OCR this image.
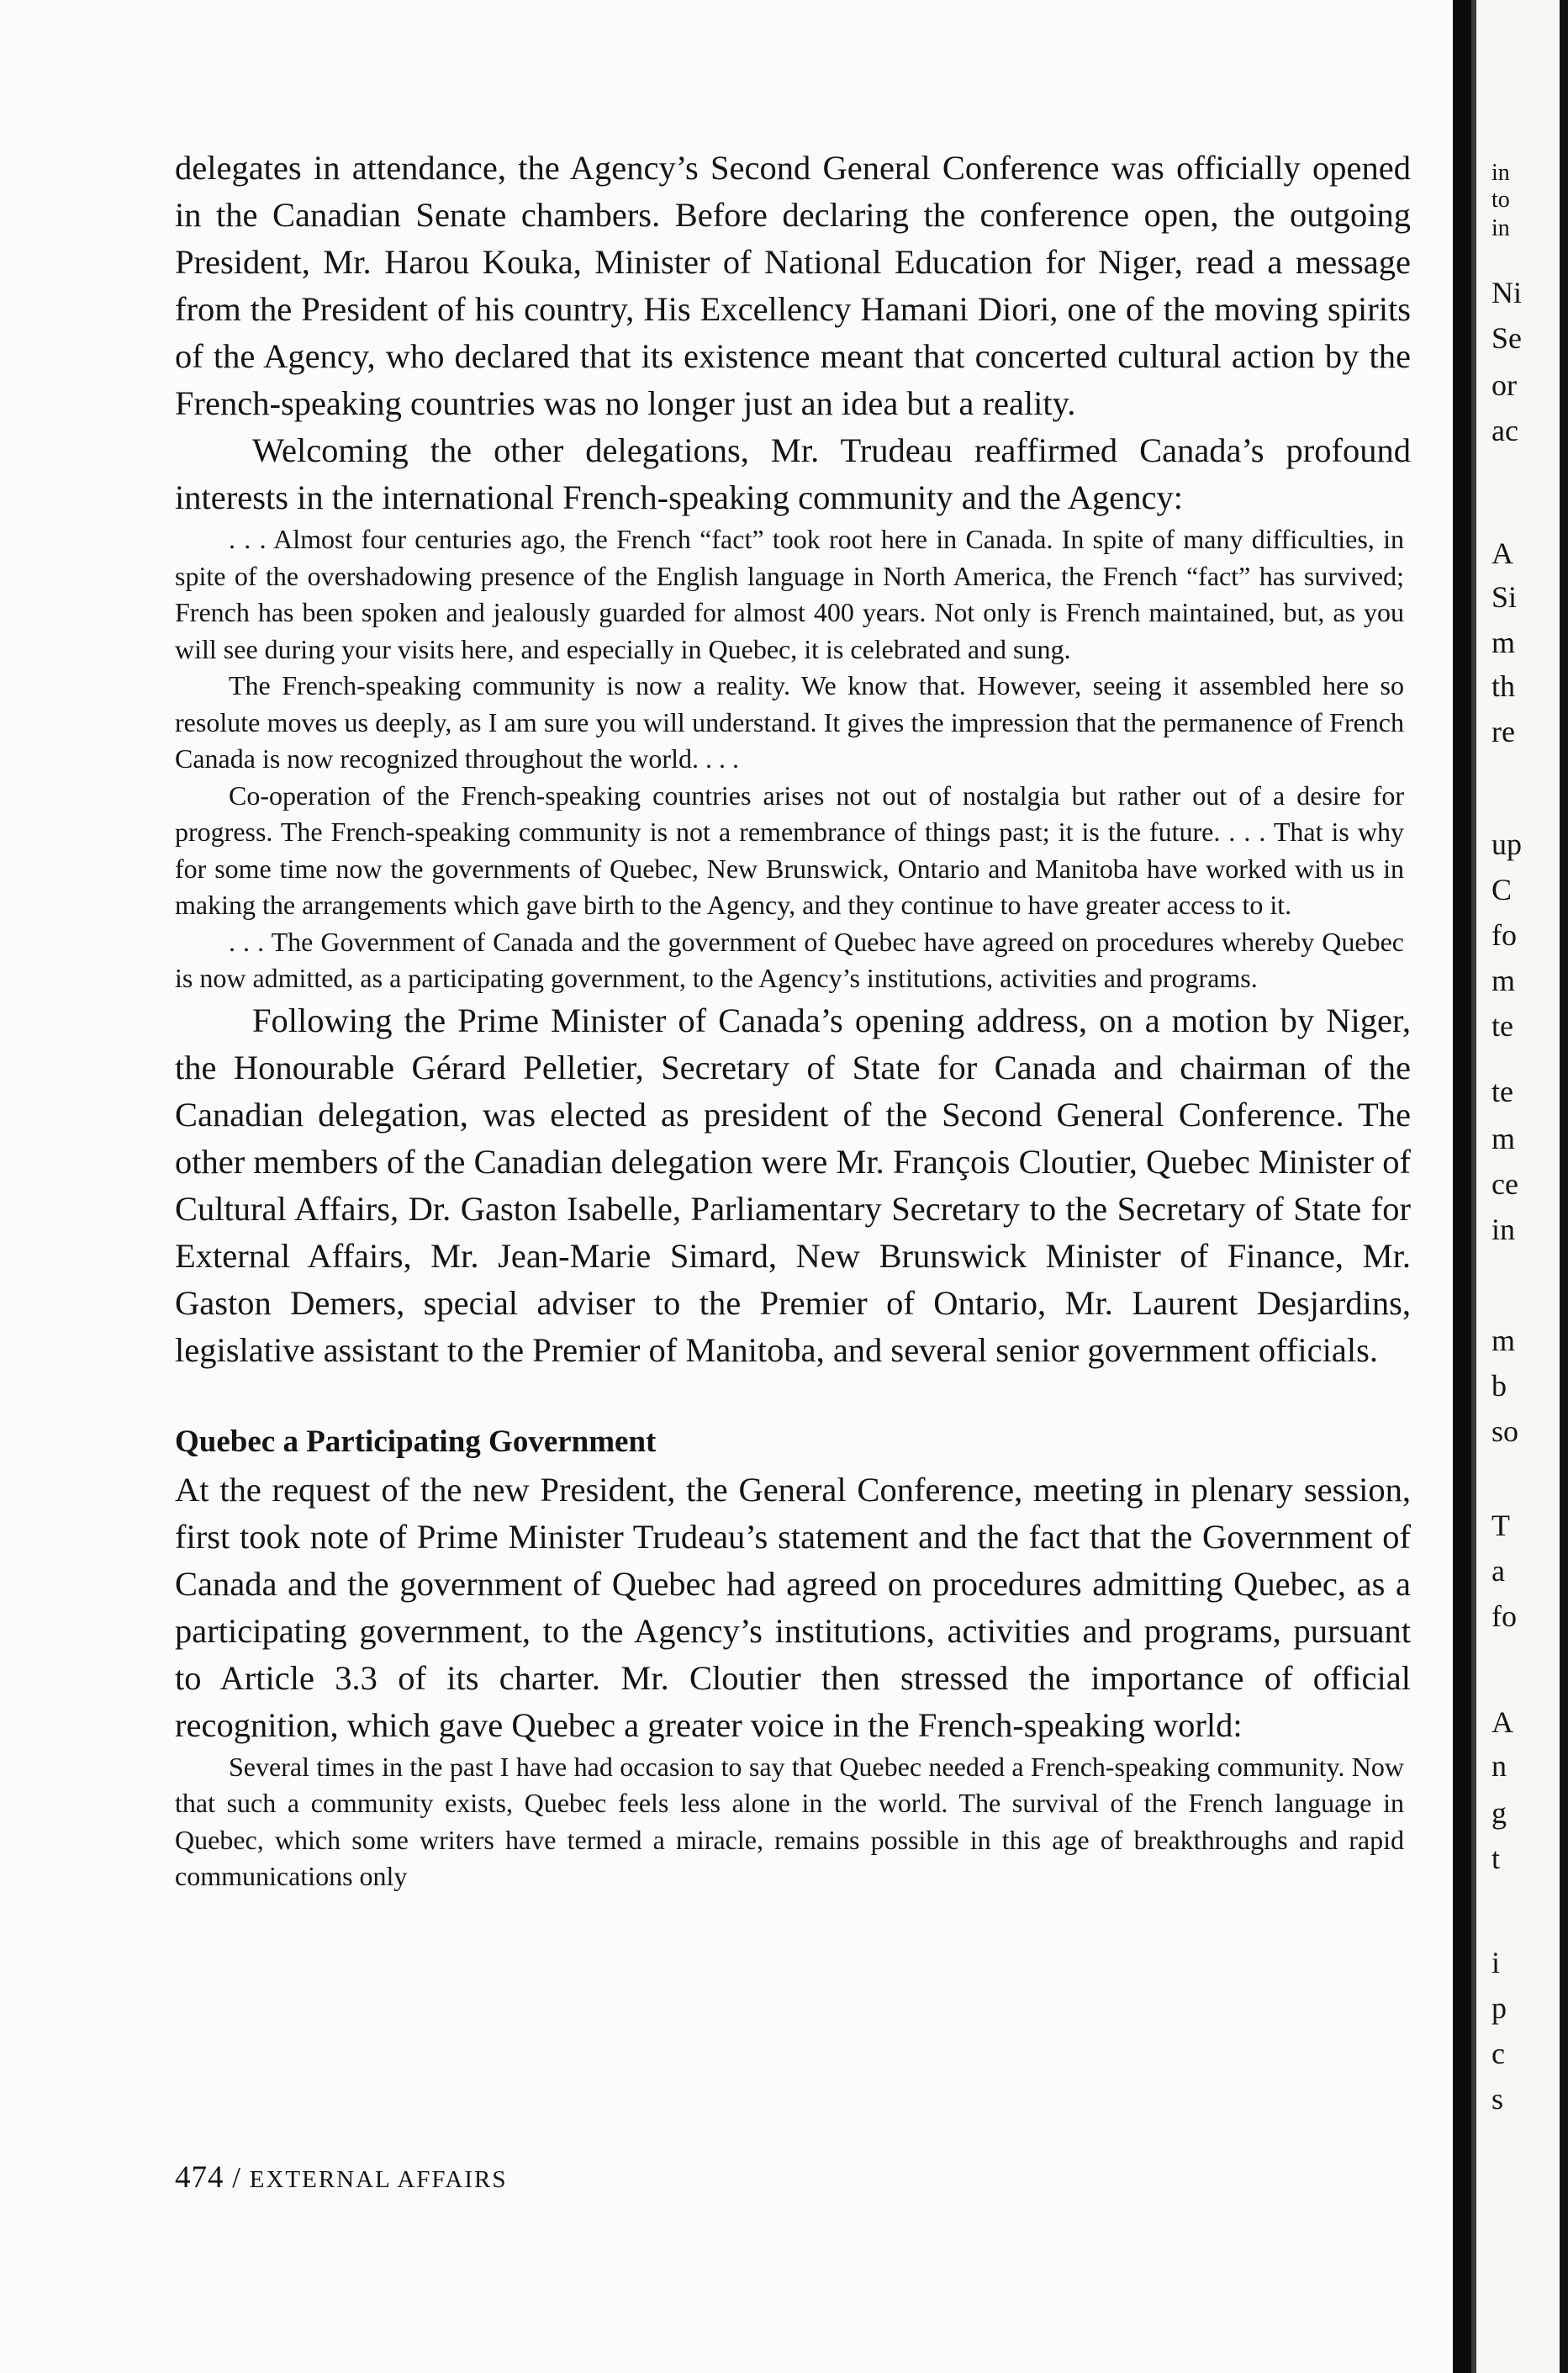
delegates in attendance, the Agency’s Second General Conference was officially opened in the Canadian Senate chambers. Before declaring the conference open, the outgoing President, Mr. Harou Kouka, Minister of National Education for Niger, read a message from the President of his country, His Excellency Hamani Diori, one of the moving spirits of the Agency, who declared that its existence meant that concerted cultural action by the French-speaking countries was no longer just an idea but a reality.

Welcoming the other delegations, Mr. Trudeau reaffirmed Canada’s profound interests in the international French-speaking community and the Agency:

. . . Almost four centuries ago, the French “fact” took root here in Canada. In spite of many difficulties, in spite of the overshadowing presence of the English language in North America, the French “fact” has survived; French has been spoken and jealously guarded for almost 400 years. Not only is French maintained, but, as you will see during your visits here, and especially in Quebec, it is celebrated and sung.

The French-speaking community is now a reality. We know that. However, seeing it assembled here so resolute moves us deeply, as I am sure you will understand. It gives the impression that the permanence of French Canada is now recognized throughout the world. . . .

Co-operation of the French-speaking countries arises not out of nostalgia but rather out of a desire for progress. The French-speaking community is not a remembrance of things past; it is the future. . . . That is why for some time now the governments of Quebec, New Brunswick, Ontario and Manitoba have worked with us in making the arrangements which gave birth to the Agency, and they continue to have greater access to it.

. . . The Government of Canada and the government of Quebec have agreed on procedures whereby Quebec is now admitted, as a participating government, to the Agency’s institutions, activities and programs.

Following the Prime Minister of Canada’s opening address, on a motion by Niger, the Honourable Gérard Pelletier, Secretary of State for Canada and chairman of the Canadian delegation, was elected as president of the Second General Conference. The other members of the Canadian delegation were Mr. François Cloutier, Quebec Minister of Cultural Affairs, Dr. Gaston Isabelle, Parliamentary Secretary to the Secretary of State for External Affairs, Mr. Jean-Marie Simard, New Brunswick Minister of Finance, Mr. Gaston Demers, special adviser to the Premier of Ontario, Mr. Laurent Desjardins, legislative assistant to the Premier of Manitoba, and several senior government officials.

Quebec a Participating Government

At the request of the new President, the General Conference, meeting in plenary session, first took note of Prime Minister Trudeau’s statement and the fact that the Government of Canada and the government of Quebec had agreed on procedures admitting Quebec, as a participating government, to the Agency’s institutions, activities and programs, pursuant to Article 3.3 of its charter. Mr. Cloutier then stressed the importance of official recognition, which gave Quebec a greater voice in the French-speaking world:

Several times in the past I have had occasion to say that Quebec needed a French-speaking community. Now that such a community exists, Quebec feels less alone in the world. The survival of the French language in Quebec, which some writers have termed a miracle, remains possible in this age of breakthroughs and rapid communications only

474 / EXTERNAL AFFAIRS
in
to
in
Ni
Se
or
ac
A
Si
m
th
re
up
C
fo
m
te
te
m
ce
in
m
b
so
T
a
fo
A
n
g
t
i
p
c
s
